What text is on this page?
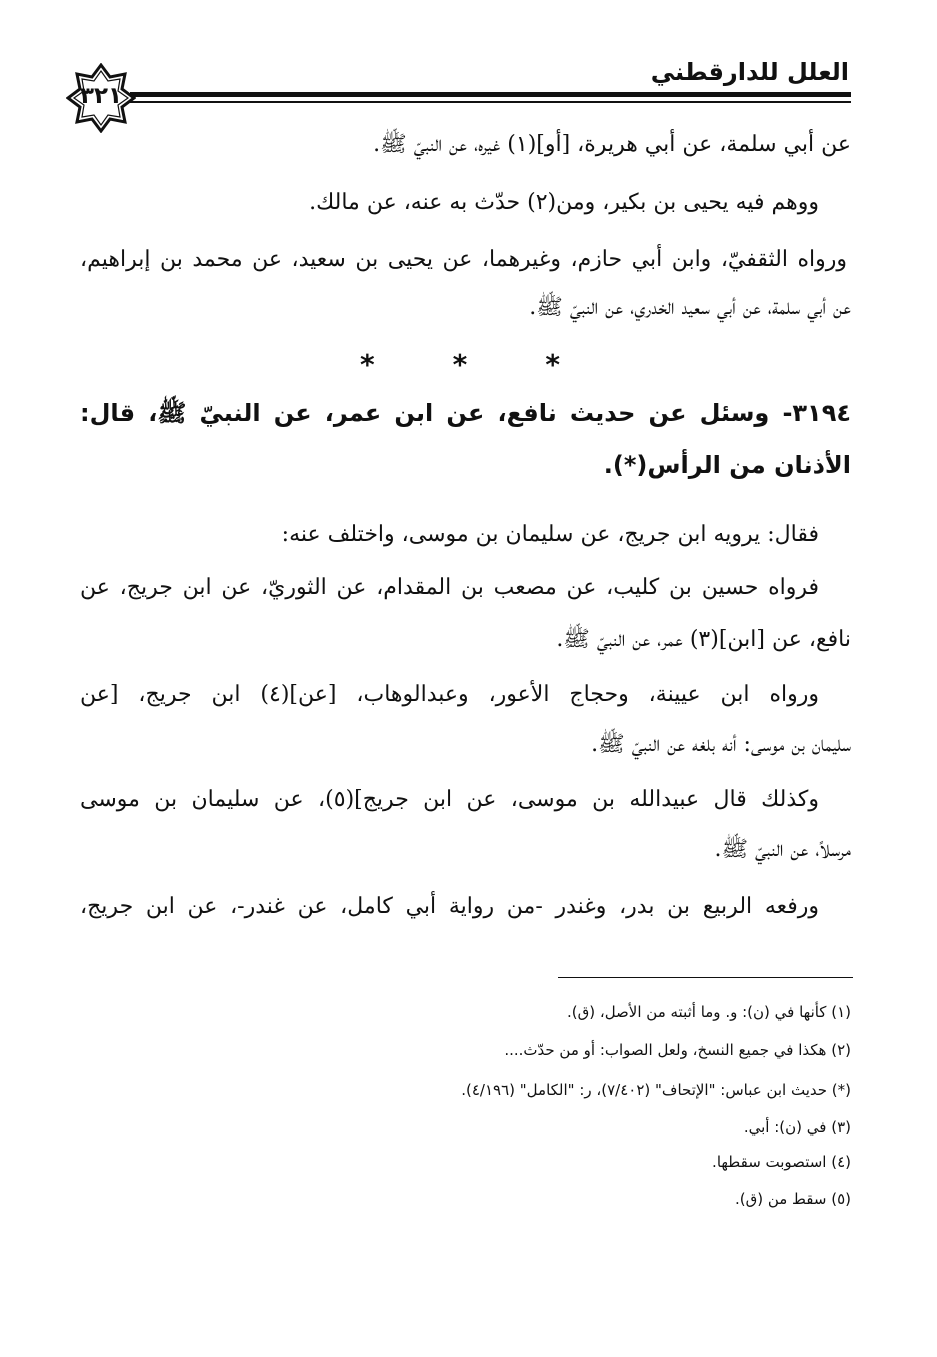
العلل للدارقطني
٣٢١
عن أبي سلمة، عن أبي هريرة، [أو](١) غيره، عن النبيّ ﷺ.
ووهم فيه يحيى بن بكير، ومن(٢) حدّث به عنه، عن مالك.
ورواه الثقفيّ، وابن أبي حازم، وغيرهما، عن يحيى بن سعيد، عن محمد بن إبراهيم،
عن أبي سلمة، عن أبي سعيد الخدري، عن النبيّ ﷺ.
*	*	*
٣١٩٤- وسئل عن حديث نافع، عن ابن عمر، عن النبيّ ﷺ، قال:
الأذنان من الرأس(*).
فقال: يرويه ابن جريج، عن سليمان بن موسى، واختلف عنه:
فرواه حسين بن كليب، عن مصعب بن المقدام، عن الثوريّ، عن ابن جريج، عن
نافع، عن [ابن](٣) عمر، عن النبيّ ﷺ.
ورواه ابن عيينة، وحجاج الأعور، وعبدالوهاب، [عن](٤) ابن جريج، [عن
سليمان بن موسى: أنه بلغه عن النبيّ ﷺ.
وكذلك قال عبيدالله بن موسى، عن ابن جريج](٥)، عن سليمان بن موسى
مرسلاً، عن النبيّ ﷺ.
ورفعه الربيع بن بدر، وغندر -من رواية أبي كامل، عن غندر-، عن ابن جريج،
(١) كأنها في (ن): و. وما أثبته من الأصل، (ق).
(٢) هكذا في جميع النسخ، ولعل الصواب: أو من حدّث....
(*) حديث ابن عباس: "الإتحاف" (٧/٤٠٢)، ر: "الكامل" (٤/١٩٦).
(٣) في (ن): أبي.
(٤) استصوبت سقطها.
(٥) سقط من (ق).
